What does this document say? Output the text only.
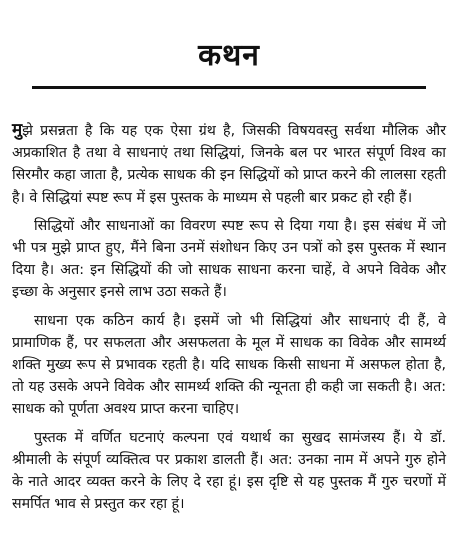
कथन

मुझे प्रसन्नता है कि यह एक ऐसा ग्रंथ है, जिसकी विषयवस्तु सर्वथा मौलिक और अप्रकाशित है तथा वे साधनाएं तथा सिद्धियां, जिनके बल पर भारत संपूर्ण विश्व का सिरमौर कहा जाता है, प्रत्येक साधक की इन सिद्धियों को प्राप्त करने की लालसा रहती है। वे सिद्धियां स्पष्ट रूप में इस पुस्तक के माध्यम से पहली बार प्रकट हो रही हैं।

सिद्धियों और साधनाओं का विवरण स्पष्ट रूप से दिया गया है। इस संबंध में जो भी पत्र मुझे प्राप्त हुए, मैंने बिना उनमें संशोधन किए उन पत्रों को इस पुस्तक में स्थान दिया है। अत: इन सिद्धियों की जो साधक साधना करना चाहें, वे अपने विवेक और इच्छा के अनुसार इनसे लाभ उठा सकते हैं।

साधना एक कठिन कार्य है। इसमें जो भी सिद्धियां और साधनाएं दी हैं, वे प्रामाणिक हैं, पर सफलता और असफलता के मूल में साधक का विवेक और सामर्थ्य शक्ति मुख्य रूप से प्रभावक रहती है। यदि साधक किसी साधना में असफल होता है, तो यह उसके अपने विवेक और सामर्थ्य शक्ति की न्यूनता ही कही जा सकती है। अत: साधक को पूर्णता अवश्य प्राप्त करना चाहिए।

पुस्तक में वर्णित घटनाएं कल्पना एवं यथार्थ का सुखद सामंजस्य हैं। ये डॉ. श्रीमाली के संपूर्ण व्यक्तित्व पर प्रकाश डालती हैं। अत: उनका नाम में अपने गुरु होने के नाते आदर व्यक्त करने के लिए दे रहा हूं। इस दृष्टि से यह पुस्तक मैं गुरु चरणों में समर्पित भाव से प्रस्तुत कर रहा हूं।
